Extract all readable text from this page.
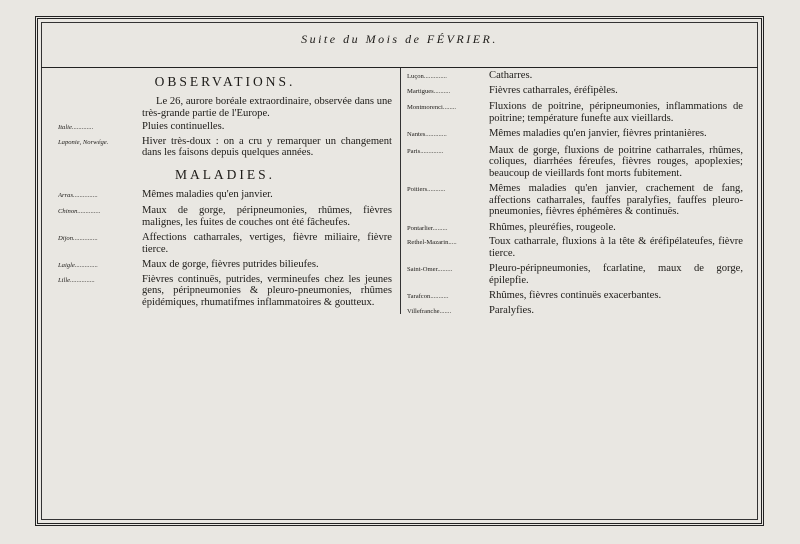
Suite du Mois de FÉVRIER.
OBSERVATIONS.
Le 26, aurore boréale extraordinaire, observée dans une très-grande partie de l'Europe.
Italie.............	Pluies continuelles.
Laponie, Norwége.	Hiver très-doux : on a cru y remarquer un changement dans les faisons depuis quelques années.
MALADIES.
Arras...............	Mêmes maladies qu'en janvier.
Chinon..............	Maux de gorge, péripneumonies, rhûmes, fièvres malignes, les fuites de couches ont été fâcheufes.
Dijon...............	Affections catharrales, vertiges, fièvre miliaire, fièvre tierce.
Laigle..............	Maux de gorge, fièvres putrides bilieufes.
Lille...............	Fièvres continuës, putrides, vermineufes chez les jeunes gens, péripneumonies & pleuro-pneumonies, rhûmes épidémiques, rhumatifmes inflammatoires & goutteux.
Luçon..............	Catharres.
Martigues..........	Fièvres catharrales, éréfipèles.
Montmorenci........	Fluxions de poitrine, péripneumonies, inflammations de poitrine; température funefte aux vieillards.
Nantes.............	Mêmes maladies qu'en janvier, fièvres printanières.
Paris..............	Maux de gorge, fluxions de poitrine catharrales, rhûmes, coliques, diarrhées féreufes, fièvres rouges, apoplexies; beaucoup de vieillards font morts fubitement.
Poitiers...........	Mêmes maladies qu'en janvier, crachement de fang, affections catharrales, fauffes paralyfies, fauffes pleuro-pneumonies, fièvres éphémères & continuës.
Pontarlier.........	Rhûmes, pleuréfies, rougeole.
Rethel-Mazarin.....	Toux catharrale, fluxions à la tête & éréfipélateufes, fièvre tierce.
Saint-Omer.........	Pleuro-péripneumonies, fcarlatine, maux de gorge, épilepfie.
Tarafcon...........	Rhûmes, fièvres continuës exacerbantes.
Villefranche.......	Paralyfies.
